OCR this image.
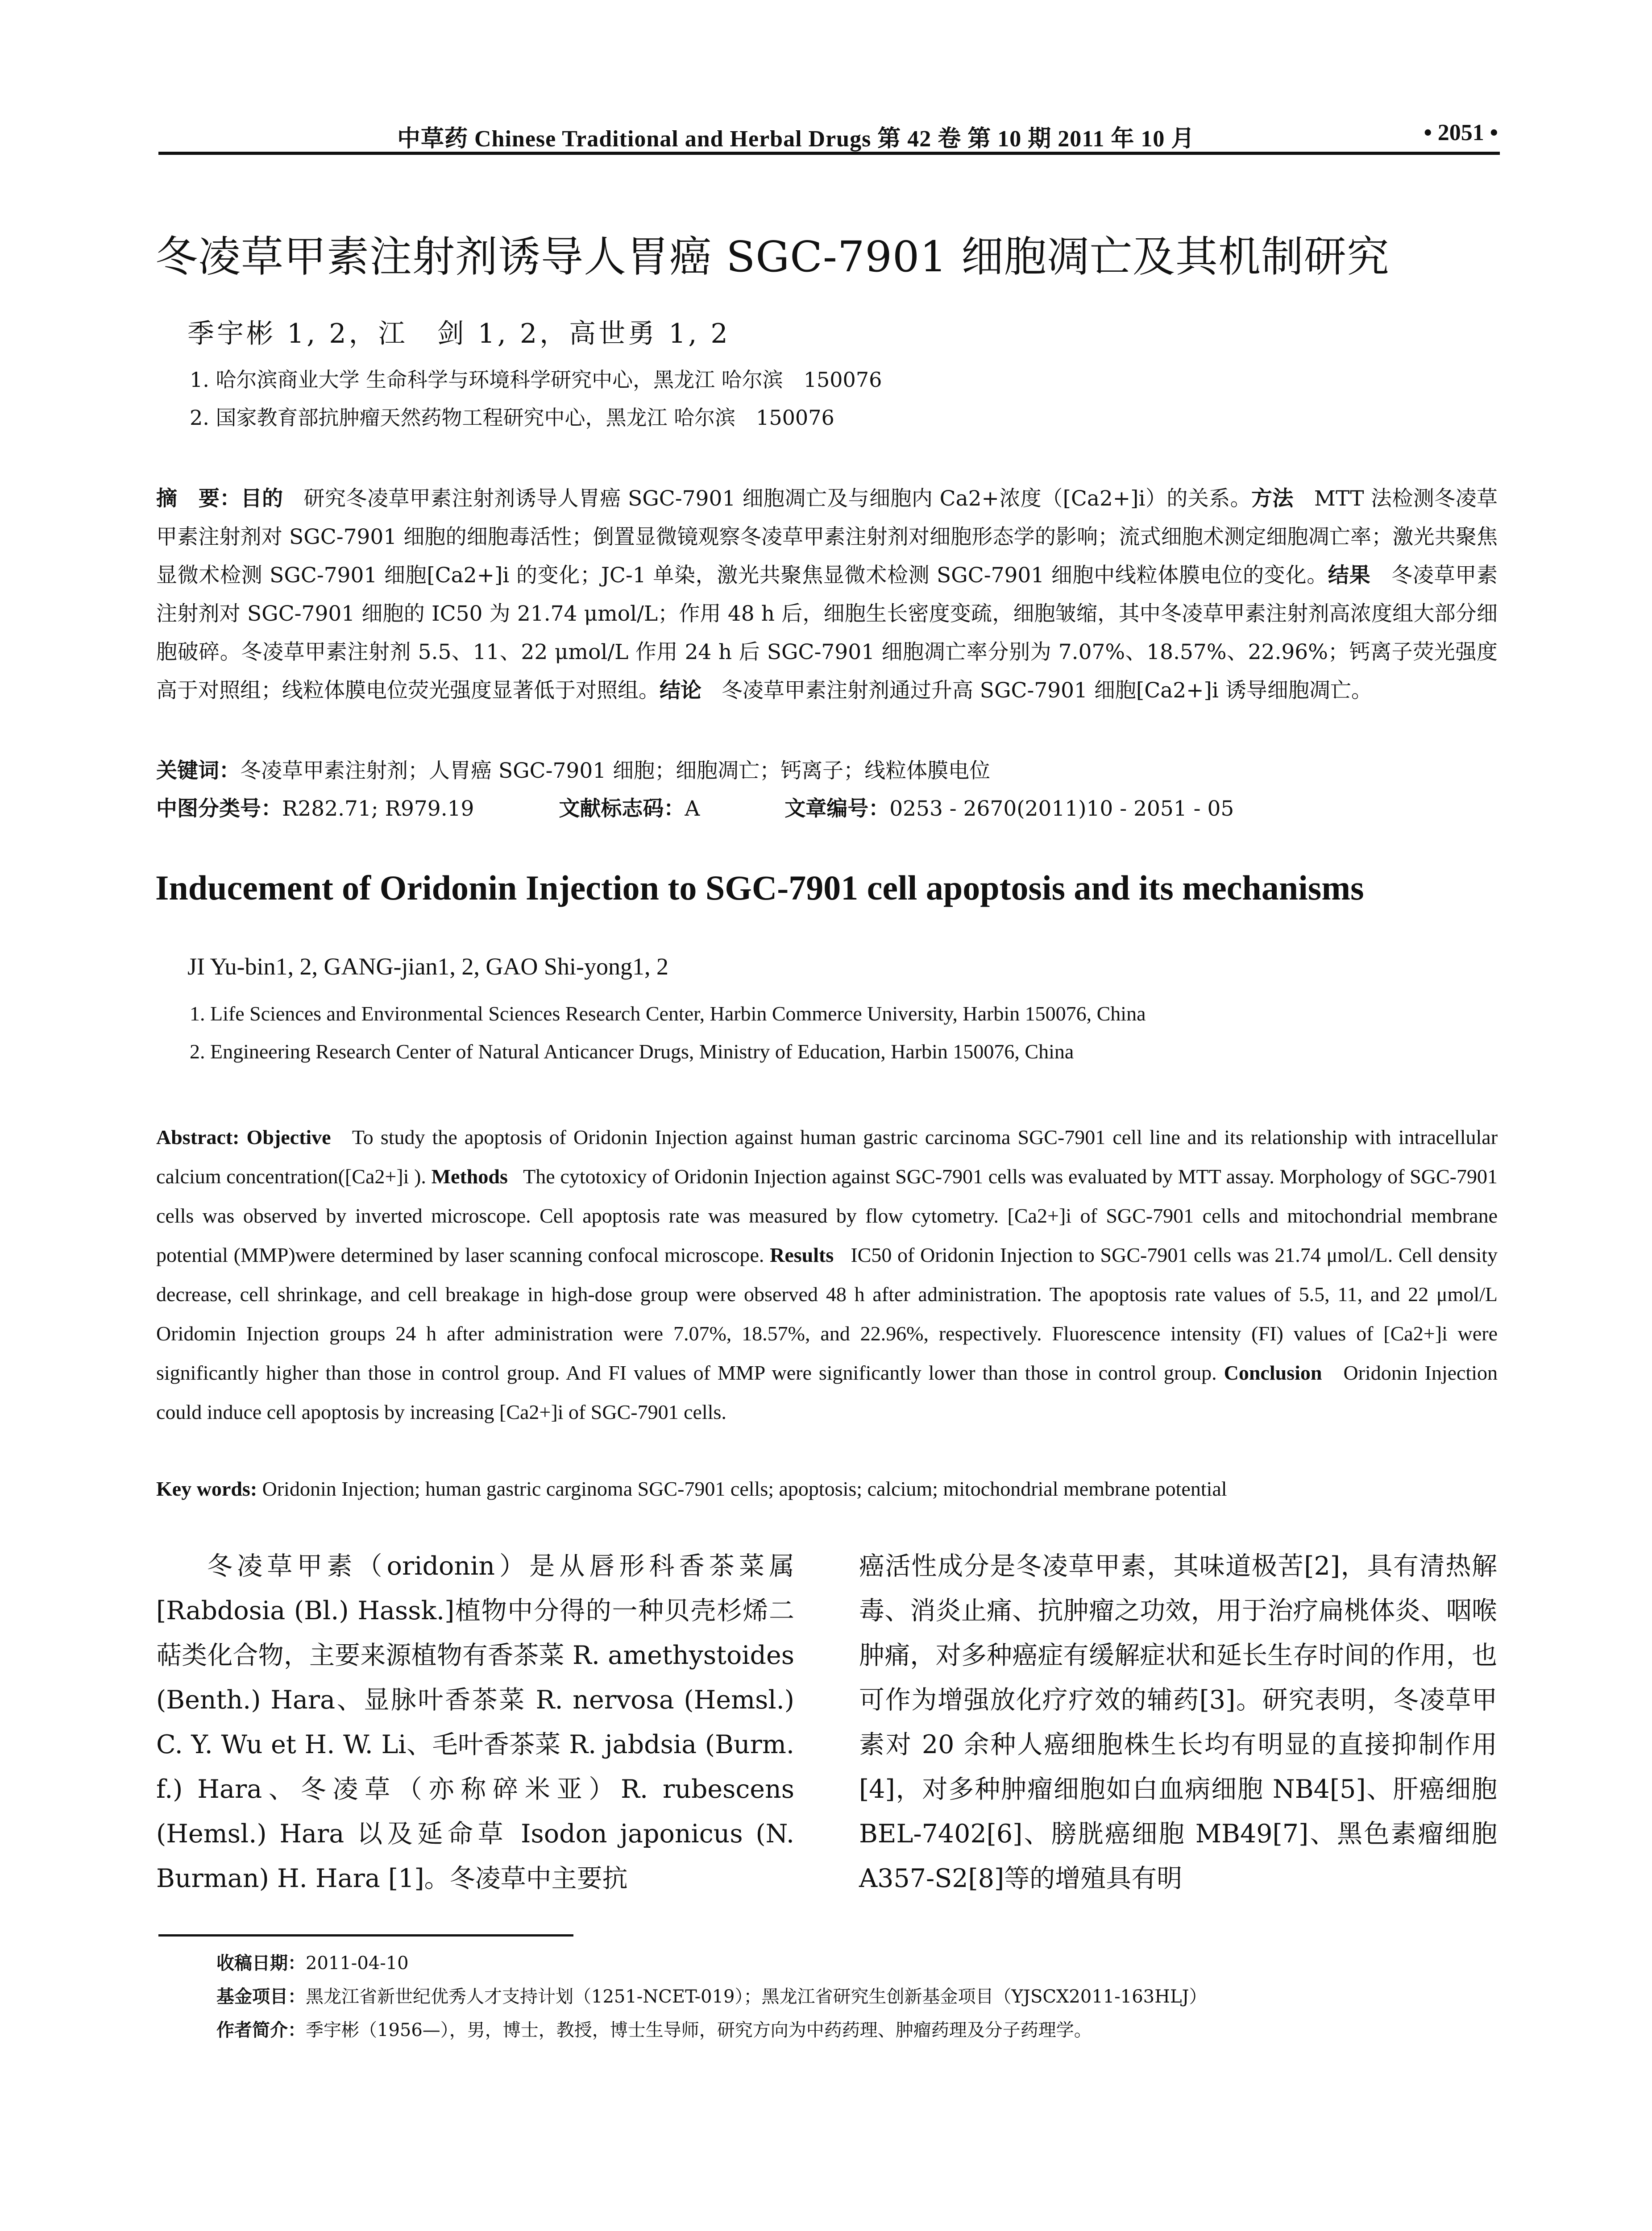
中草药 Chinese Traditional and Herbal Drugs 第 42 卷 第 10 期 2011 年 10 月	• 2051 •
冬凌草甲素注射剂诱导人胃癌 SGC-7901 细胞凋亡及其机制研究
季宇彬 1, 2，江　剑 1, 2，高世勇 1, 2
1. 哈尔滨商业大学 生命科学与环境科学研究中心，黑龙江 哈尔滨　150076
2. 国家教育部抗肿瘤天然药物工程研究中心，黑龙江 哈尔滨　150076
摘　要：目的 研究冬凌草甲素注射剂诱导人胃癌 SGC-7901 细胞凋亡及与细胞内 Ca2+浓度（[Ca2+]i）的关系。方法 MTT 法检测冬凌草甲素注射剂对 SGC-7901 细胞的细胞毒活性；倒置显微镜观察冬凌草甲素注射剂对细胞形态学的影响；流式细胞术测定细胞凋亡率；激光共聚焦显微术检测 SGC-7901 细胞[Ca2+]i 的变化；JC-1 单染，激光共聚焦显微术检测 SGC-7901 细胞中线粒体膜电位的变化。结果 冬凌草甲素注射剂对 SGC-7901 细胞的 IC50 为 21.74 μmol/L；作用 48 h 后，细胞生长密度变疏，细胞皱缩，其中冬凌草甲素注射剂高浓度组大部分细胞破碎。冬凌草甲素注射剂 5.5、11、22 μmol/L 作用 24 h 后 SGC-7901 细胞凋亡率分别为 7.07%、18.57%、22.96%；钙离子荧光强度高于对照组；线粒体膜电位荧光强度显著低于对照组。结论 冬凌草甲素注射剂通过升高 SGC-7901 细胞[Ca2+]i 诱导细胞凋亡。
关键词：冬凌草甲素注射剂；人胃癌 SGC-7901 细胞；细胞凋亡；钙离子；线粒体膜电位
中图分类号：R282.71; R979.19	文献标志码：A	文章编号：0253 - 2670(2011)10 - 2051 - 05
Inducement of Oridonin Injection to SGC-7901 cell apoptosis and its mechanisms
JI Yu-bin1, 2, GANG-jian1, 2, GAO Shi-yong1, 2
1. Life Sciences and Environmental Sciences Research Center, Harbin Commerce University, Harbin 150076, China
2. Engineering Research Center of Natural Anticancer Drugs, Ministry of Education, Harbin 150076, China
Abstract: Objective To study the apoptosis of Oridonin Injection against human gastric carcinoma SGC-7901 cell line and its relationship with intracellular calcium concentration([Ca2+]i ). Methods The cytotoxicy of Oridonin Injection against SGC-7901 cells was evaluated by MTT assay. Morphology of SGC-7901 cells was observed by inverted microscope. Cell apoptosis rate was measured by flow cytometry. [Ca2+]i of SGC-7901 cells and mitochondrial membrane potential (MMP)were determined by laser scanning confocal microscope. Results IC50 of Oridonin Injection to SGC-7901 cells was 21.74 μmol/L. Cell density decrease, cell shrinkage, and cell breakage in high-dose group were observed 48 h after administration. The apoptosis rate values of 5.5, 11, and 22 μmol/L Oridomin Injection groups 24 h after administration were 7.07%, 18.57%, and 22.96%, respectively. Fluorescence intensity (FI) values of [Ca2+]i were significantly higher than those in control group. And FI values of MMP were significantly lower than those in control group. Conclusion Oridonin Injection could induce cell apoptosis by increasing [Ca2+]i of SGC-7901 cells.
Key words: Oridonin Injection; human gastric carginoma SGC-7901 cells; apoptosis; calcium; mitochondrial membrane potential
冬凌草甲素（oridonin）是从唇形科香茶菜属 [Rabdosia (Bl.) Hassk.]植物中分得的一种贝壳杉烯二萜类化合物，主要来源植物有香茶菜 R. amethystoides (Benth.) Hara、显脉叶香茶菜 R. nervosa (Hemsl.) C. Y. Wu et H. W. Li、毛叶香茶菜 R. jabdsia (Burm. f.) Hara、冬凌草（亦称碎米亚）R. rubescens (Hemsl.) Hara 以及延命草 Isodon japonicus (N. Burman) H. Hara [1]。冬凌草中主要抗
癌活性成分是冬凌草甲素，其味道极苦[2]，具有清热解毒、消炎止痛、抗肿瘤之功效，用于治疗扁桃体炎、咽喉肿痛，对多种癌症有缓解症状和延长生存时间的作用，也可作为增强放化疗疗效的辅药[3]。研究表明，冬凌草甲素对 20 余种人癌细胞株生长均有明显的直接抑制作用[4]，对多种肿瘤细胞如白血病细胞 NB4[5]、肝癌细胞 BEL-7402[6]、膀胱癌细胞 MB49[7]、黑色素瘤细胞 A357-S2[8]等的增殖具有明
收稿日期：2011-04-10
基金项目：黑龙江省新世纪优秀人才支持计划（1251-NCET-019）；黑龙江省研究生创新基金项目（YJSCX2011-163HLJ）
作者简介：季宇彬（1956—），男，博士，教授，博士生导师，研究方向为中药药理、肿瘤药理及分子药理学。
